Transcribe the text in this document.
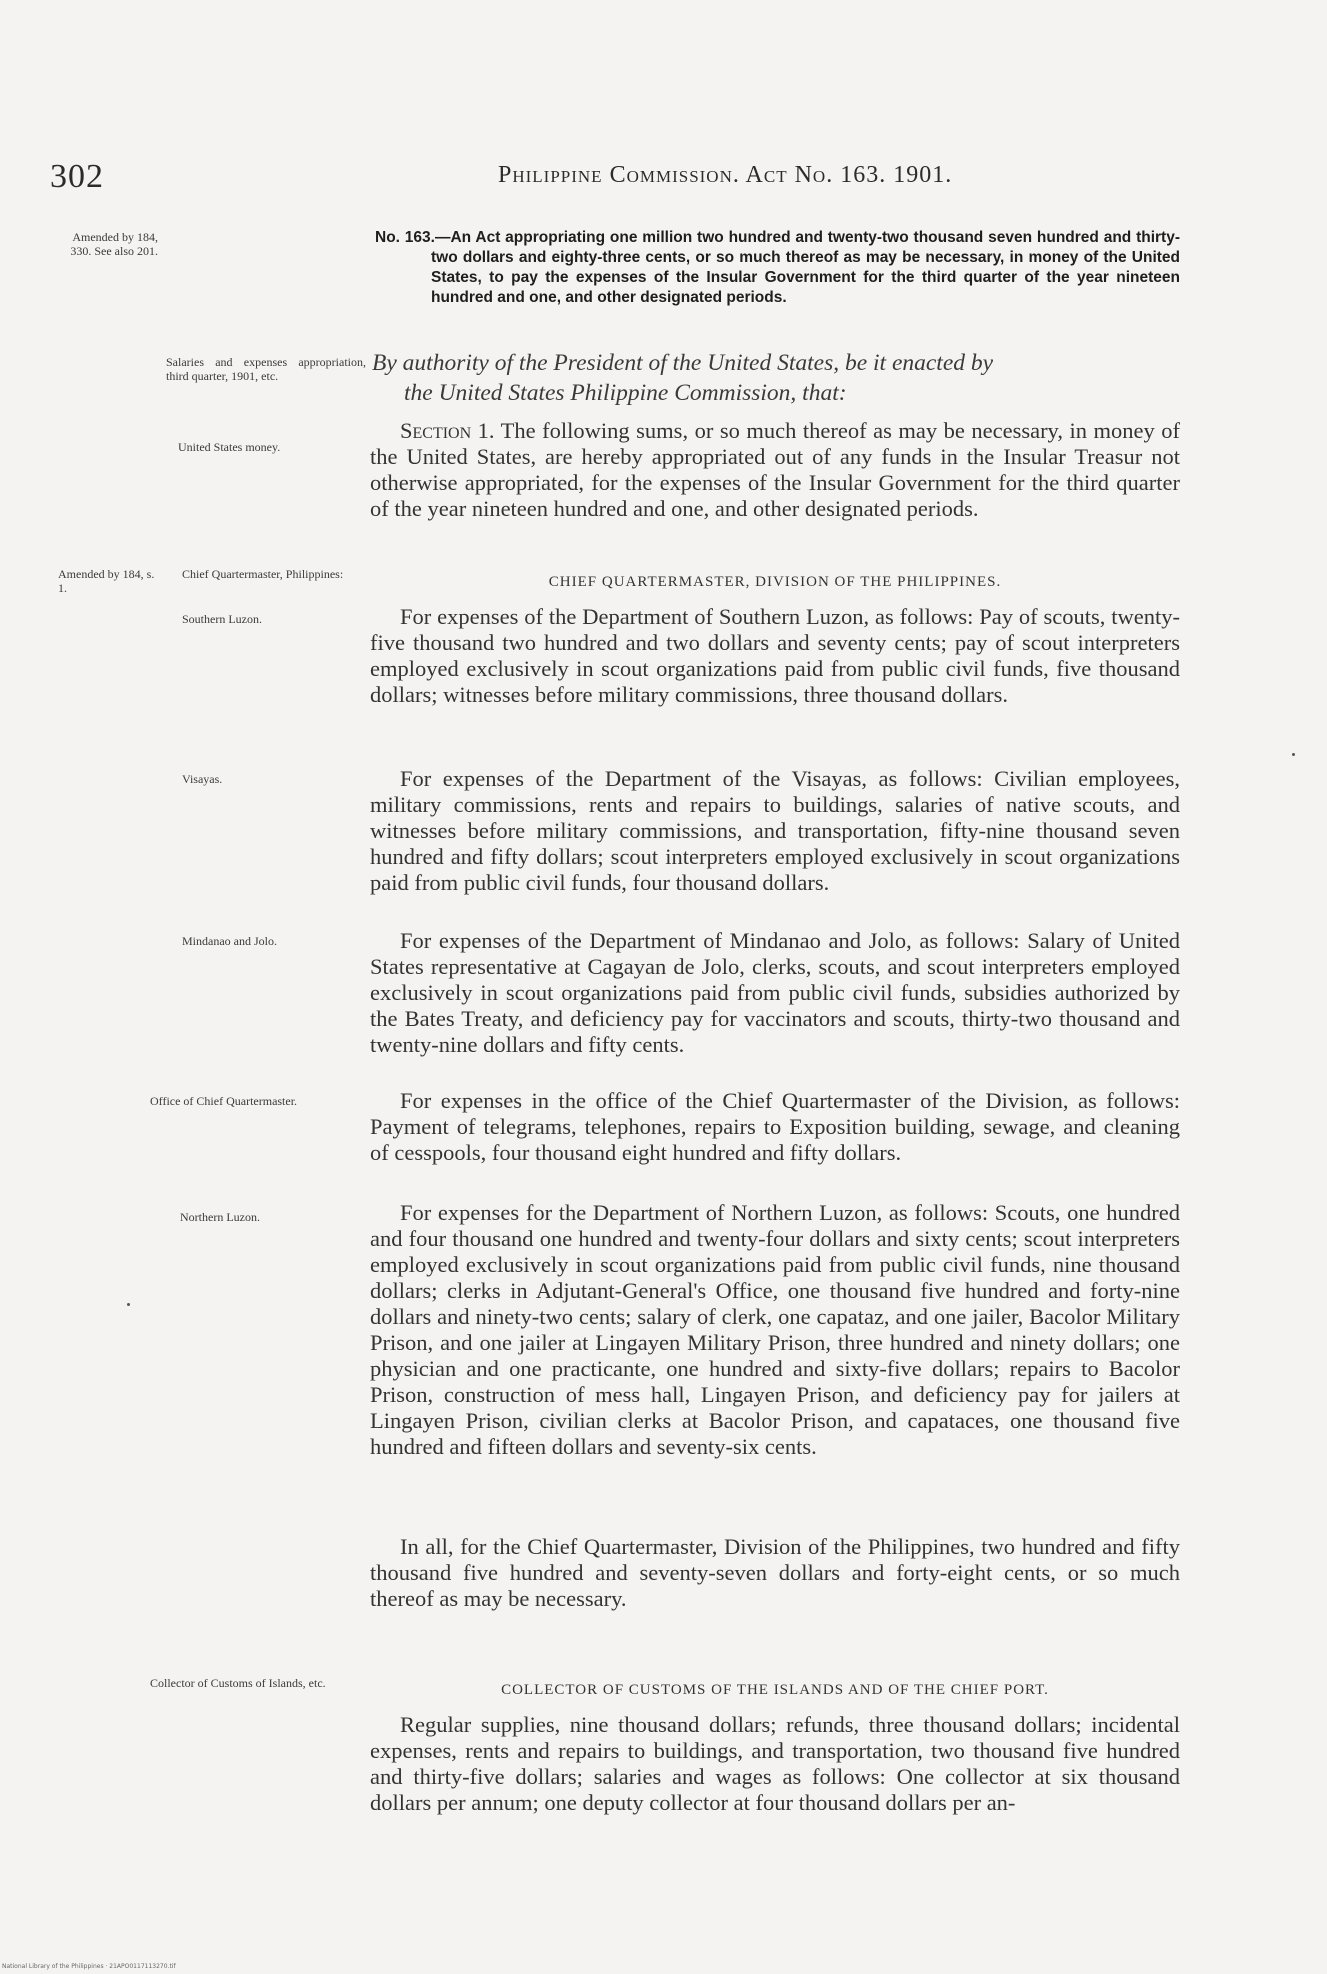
302	Philippine Commission. Act No. 163. 1901.
Amended by 184, 330. See also 201.
Salaries and expenses appropriation, third quarter, 1901, etc.
United States money.
Amended by 184, s. 1.
Chief Quartermaster, Philippines:
Southern Luzon.
Visayas.
Mindanao and Jolo.
Office of Chief Quartermaster.
Northern Luzon.
Collector of Customs of Islands, etc.
No. 163.—An Act appropriating one million two hundred and twenty-two thousand seven hundred and thirty-two dollars and eighty-three cents, or so much thereof as may be necessary, in money of the United States, to pay the expenses of the Insular Government for the third quarter of the year nineteen hundred and one, and other designated periods.
By authority of the President of the United States, be it enacted by
the United States Philippine Commission, that:

Section 1. The following sums, or so much thereof as may be necessary, in money of the United States, are hereby appropriated out of any funds in the Insular Treasur not otherwise appropriated, for the expenses of the Insular Government for the third quarter of the year nineteen hundred and one, and other designated periods.

CHIEF QUARTERMASTER, DIVISION OF THE PHILIPPINES.

For expenses of the Department of Southern Luzon, as follows: Pay of scouts, twenty-five thousand two hundred and two dollars and seventy cents; pay of scout interpreters employed exclusively in scout organizations paid from public civil funds, five thousand dollars; witnesses before military commissions, three thousand dollars.

For expenses of the Department of the Visayas, as follows: Civilian employees, military commissions, rents and repairs to buildings, salaries of native scouts, and witnesses before military commissions, and transportation, fifty-nine thousand seven hundred and fifty dollars; scout interpreters employed exclusively in scout organizations paid from public civil funds, four thousand dollars.

For expenses of the Department of Mindanao and Jolo, as follows: Salary of United States representative at Cagayan de Jolo, clerks, scouts, and scout interpreters employed exclusively in scout organizations paid from public civil funds, subsidies authorized by the Bates Treaty, and deficiency pay for vaccinators and scouts, thirty-two thousand and twenty-nine dollars and fifty cents.

For expenses in the office of the Chief Quartermaster of the Division, as follows: Payment of telegrams, telephones, repairs to Exposition building, sewage, and cleaning of cesspools, four thousand eight hundred and fifty dollars.

For expenses for the Department of Northern Luzon, as follows: Scouts, one hundred and four thousand one hundred and twenty-four dollars and sixty cents; scout interpreters employed exclusively in scout organizations paid from public civil funds, nine thousand dollars; clerks in Adjutant-General's Office, one thousand five hundred and forty-nine dollars and ninety-two cents; salary of clerk, one capataz, and one jailer, Bacolor Military Prison, and one jailer at Lingayen Military Prison, three hundred and ninety dollars; one physician and one practicante, one hundred and sixty-five dollars; repairs to Bacolor Prison, construction of mess hall, Lingayen Prison, and deficiency pay for jailers at Lingayen Prison, civilian clerks at Bacolor Prison, and capataces, one thousand five hundred and fifteen dollars and seventy-six cents.

In all, for the Chief Quartermaster, Division of the Philippines, two hundred and fifty thousand five hundred and seventy-seven dollars and forty-eight cents, or so much thereof as may be necessary.

COLLECTOR OF CUSTOMS OF THE ISLANDS AND OF THE CHIEF PORT.

Regular supplies, nine thousand dollars; refunds, three thousand dollars; incidental expenses, rents and repairs to buildings, and transportation, two thousand five hundred and thirty-five dollars; salaries and wages as follows: One collector at six thousand dollars per annum; one deputy collector at four thousand dollars per an-

National Library of the Philippines · 21APO0117113270.tif
